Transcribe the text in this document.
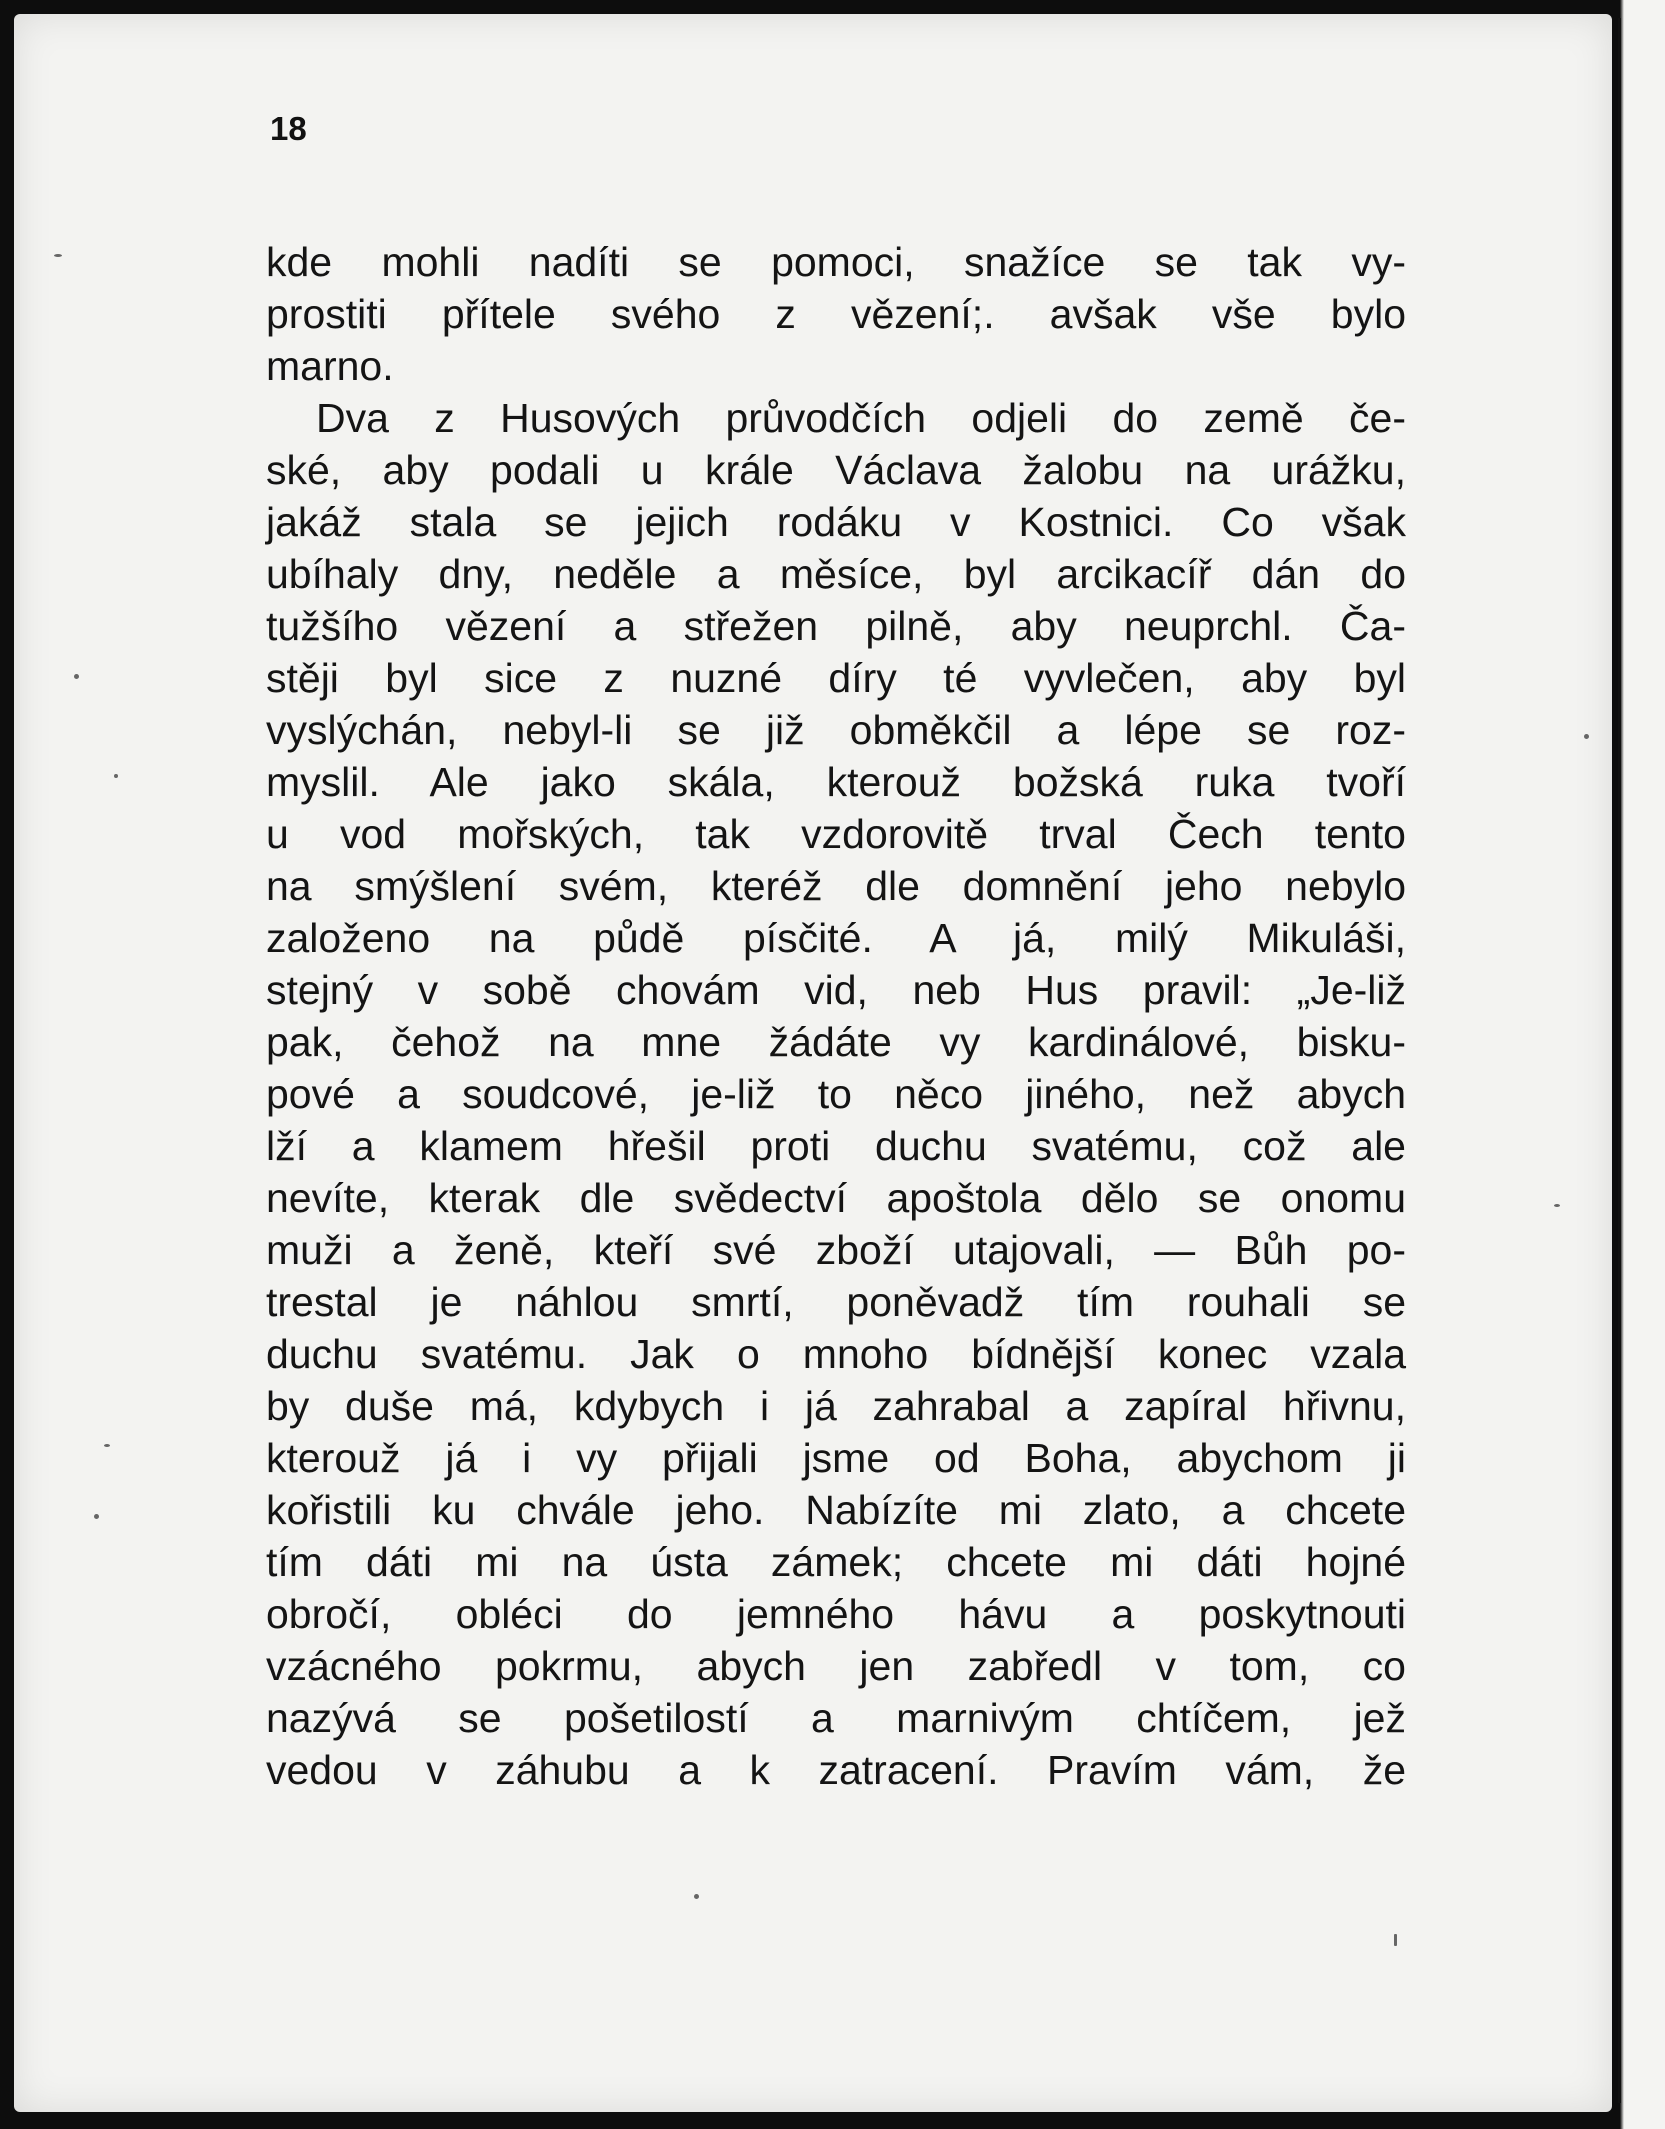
18

kde mohli nadíti se pomoci, snažíce se tak vy-
prostiti přítele svého z vězení;. avšak vše bylo
marno.
Dva z Husových průvodčích odjeli do země če-
ské, aby podali u krále Václava žalobu na urážku,
jakáž stala se jejich rodáku v Kostnici. Co však
ubíhaly dny, neděle a měsíce, byl arcikacíř dán do
tužšího vězení a střežen pilně, aby neuprchl. Ča-
stěji byl sice z nuzné díry té vyvlečen, aby byl
vyslýchán, nebyl-li se již obměkčil a lépe se roz-
myslil. Ale jako skála, kterouž božská ruka tvoří
u vod mořských, tak vzdorovitě trval Čech tento
na smýšlení svém, kteréž dle domnění jeho nebylo
založeno na půdě písčité. A já, milý Mikuláši,
stejný v sobě chovám vid, neb Hus pravil: „Je-liž
pak, čehož na mne žádáte vy kardinálové, bisku-
pové a soudcové, je-liž to něco jiného, než abych
lží a klamem hřešil proti duchu svatému, což ale
nevíte, kterak dle svědectví apoštola dělo se onomu
muži a ženě, kteří své zboží utajovali, — Bůh po-
trestal je náhlou smrtí, poněvadž tím rouhali se
duchu svatému. Jak o mnoho bídnější konec vzala
by duše má, kdybych i já zahrabal a zapíral hřivnu,
kterouž já i vy přijali jsme od Boha, abychom ji
kořistili ku chvále jeho. Nabízíte mi zlato, a chcete
tím dáti mi na ústa zámek; chcete mi dáti hojné
obročí, obléci do jemného hávu a poskytnouti
vzácného pokrmu, abych jen zabředl v tom, co
nazývá se pošetilostí a marnivým chtíčem, jež
vedou v záhubu a k zatracení. Pravím vám, že
